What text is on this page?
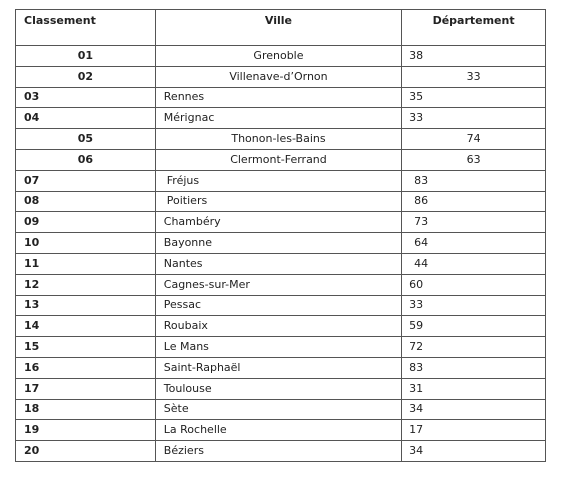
Classement	Ville	Département
01	Grenoble	38
02	Villenave-d’Ornon	33
03	Rennes	35
04	Mérignac	33
05	Thonon-les-Bains	74
06	Clermont-Ferrand	63
07	Fréjus	83
08	Poitiers	86
09	Chambéry	73
10	Bayonne	64
11	Nantes	44
12	Cagnes-sur-Mer	60
13	Pessac	33
14	Roubaix	59
15	Le Mans	72
16	Saint-Raphaël	83
17	Toulouse	31
18	Sète	34
19	La Rochelle	17
20	Béziers	34
